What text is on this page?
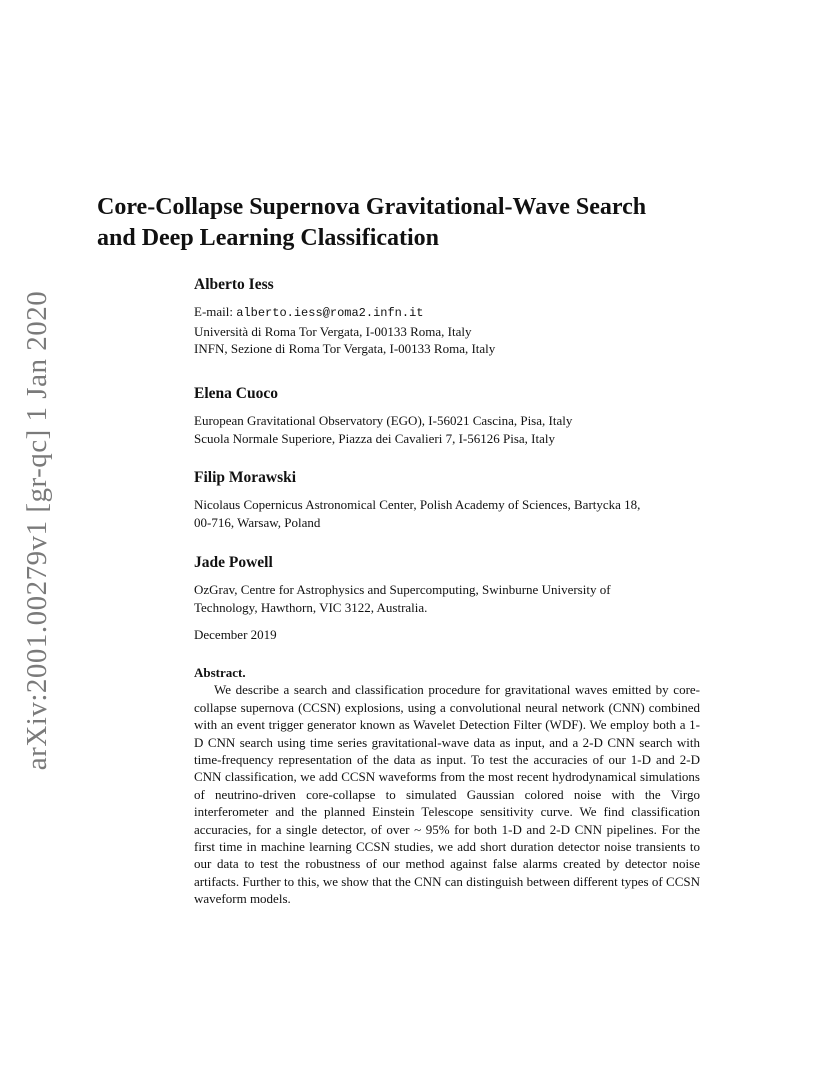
arXiv:2001.00279v1 [gr-qc] 1 Jan 2020
Core-Collapse Supernova Gravitational-Wave Search
and Deep Learning Classification
Alberto Iess
E-mail: alberto.iess@roma2.infn.it
Università di Roma Tor Vergata, I-00133 Roma, Italy
INFN, Sezione di Roma Tor Vergata, I-00133 Roma, Italy
Elena Cuoco
European Gravitational Observatory (EGO), I-56021 Cascina, Pisa, Italy
Scuola Normale Superiore, Piazza dei Cavalieri 7, I-56126 Pisa, Italy
Filip Morawski
Nicolaus Copernicus Astronomical Center, Polish Academy of Sciences, Bartycka 18,
00-716, Warsaw, Poland
Jade Powell
OzGrav, Centre for Astrophysics and Supercomputing, Swinburne University of
Technology, Hawthorn, VIC 3122, Australia.
December 2019
Abstract.

We describe a search and classification procedure for gravitational waves emitted by core-collapse supernova (CCSN) explosions, using a convolutional neural network (CNN) combined with an event trigger generator known as Wavelet Detection Filter (WDF). We employ both a 1-D CNN search using time series gravitational-wave data as input, and a 2-D CNN search with time-frequency representation of the data as input. To test the accuracies of our 1-D and 2-D CNN classification, we add CCSN waveforms from the most recent hydrodynamical simulations of neutrino-driven core-collapse to simulated Gaussian colored noise with the Virgo interferometer and the planned Einstein Telescope sensitivity curve. We find classification accuracies, for a single detector, of over ~ 95% for both 1-D and 2-D CNN pipelines. For the first time in machine learning CCSN studies, we add short duration detector noise transients to our data to test the robustness of our method against false alarms created by detector noise artifacts. Further to this, we show that the CNN can distinguish between different types of CCSN waveform models.
